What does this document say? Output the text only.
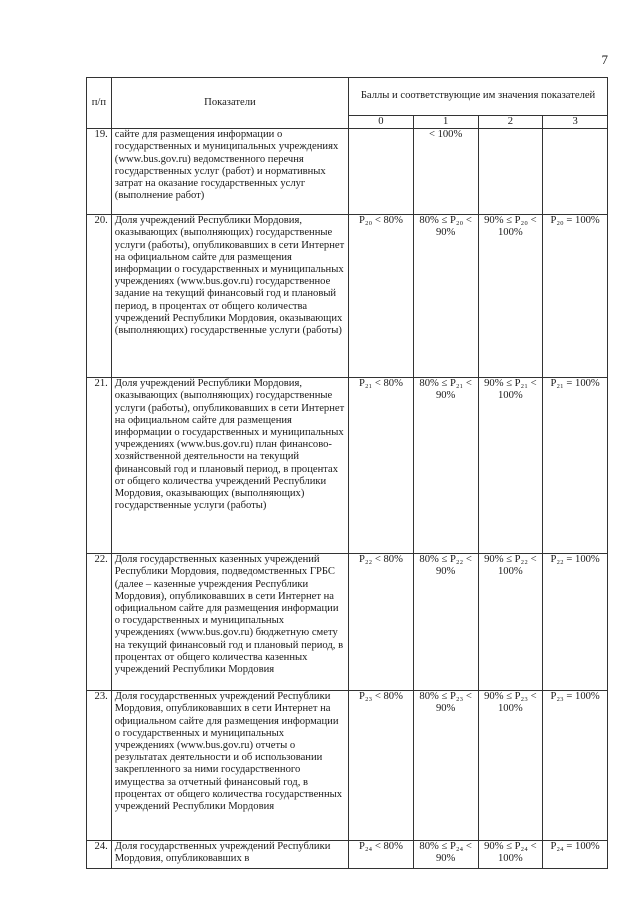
7
п/п	Показатели	Баллы и соответствующие им значения показателей			
		0	1	2	3
19.	сайте для размещения информации о государственных и муниципальных учреждениях (www.bus.gov.ru) ведомственного перечня государственных услуг (работ) и нормативных затрат на оказание государственных услуг (выполнение работ)		< 100%		
20.	Доля учреждений Республики Мордовия, оказывающих (выполняющих) государственные услуги (работы), опубликовавших в сети Интернет на официальном сайте для размещения информации о государственных и муниципальных учреждениях (www.bus.gov.ru) государственное задание на текущий финансовый год и плановый период, в процентах от общего количества учреждений Республики Мордовия, оказывающих (выполняющих) государственные услуги (работы)	P₂₀ < 80%	80% ≤ P₂₀ < 90%	90% ≤ P₂₀ < 100%	P₂₀ = 100%
21.	Доля учреждений Республики Мордовия, оказывающих (выполняющих) государственные услуги (работы), опубликовавших в сети Интернет на официальном сайте для размещения информации о государственных и муниципальных учреждениях (www.bus.gov.ru) план финансово-хозяйственной деятельности на текущий финансовый год и плановый период, в процентах от общего количества учреждений Республики Мордовия, оказывающих (выполняющих) государственные услуги (работы)	P₂₁ < 80%	80% ≤ P₂₁ < 90%	90% ≤ P₂₁ < 100%	P₂₁ = 100%
22.	Доля государственных казенных учреждений Республики Мордовия, подведомственных ГРБС (далее – казенные учреждения Республики Мордовия), опубликовавших в сети Интернет на официальном сайте для размещения информации о государственных и муниципальных учреждениях (www.bus.gov.ru) бюджетную смету на текущий финансовый год и плановый период, в процентах от общего количества казенных учреждений Республики Мордовия	P₂₂ < 80%	80% ≤ P₂₂ < 90%	90% ≤ P₂₂ < 100%	P₂₂ = 100%
23.	Доля государственных учреждений Республики Мордовия, опубликовавших в сети Интернет на официальном сайте для размещения информации о государственных и муниципальных учреждениях (www.bus.gov.ru) отчеты о результатах деятельности и об использовании закрепленного за ними государственного имущества за отчетный финансовый год, в процентах от общего количества государственных учреждений Республики Мордовия	P₂₃ < 80%	80% ≤ P₂₃ < 90%	90% ≤ P₂₃ < 100%	P₂₃ = 100%
24.	Доля государственных учреждений Республики Мордовия, опубликовавших в	P₂₄ < 80%	80% ≤ P₂₄ < 90%	90% ≤ P₂₄ < 100%	P₂₄ = 100%
